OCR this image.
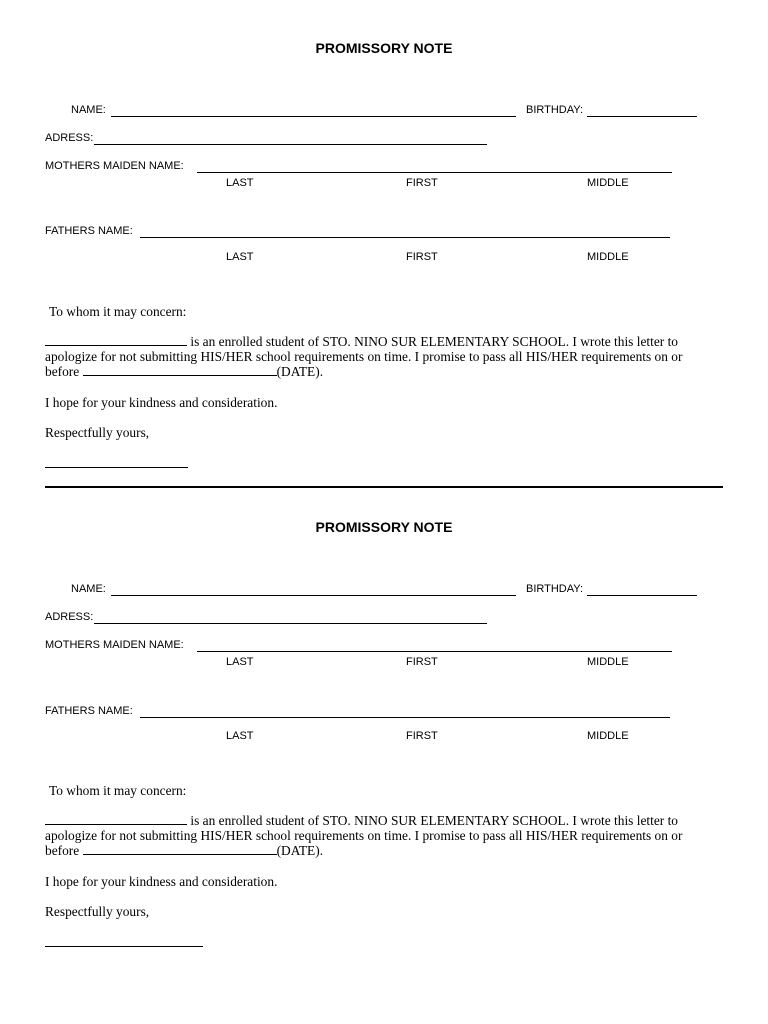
PROMISSORY NOTE
NAME:	BIRTHDAY:
ADRESS:
MOTHERS MAIDEN NAME:
LAST	FIRST	MIDDLE
FATHERS NAME:
LAST	FIRST	MIDDLE
To whom it may concern:
is an enrolled student of STO. NINO SUR ELEMENTARY SCHOOL. I wrote this letter to apologize for not submitting HIS/HER school requirements on time. I promise to pass all HIS/HER requirements on or before	(DATE).
I hope for your kindness and consideration.
Respectfully yours,
PROMISSORY NOTE
NAME:	BIRTHDAY:
ADRESS:
MOTHERS MAIDEN NAME:
LAST	FIRST	MIDDLE
FATHERS NAME:
LAST	FIRST	MIDDLE
To whom it may concern:
is an enrolled student of STO. NINO SUR ELEMENTARY SCHOOL. I wrote this letter to apologize for not submitting HIS/HER school requirements on time. I promise to pass all HIS/HER requirements on or before	(DATE).
I hope for your kindness and consideration.
Respectfully yours,
